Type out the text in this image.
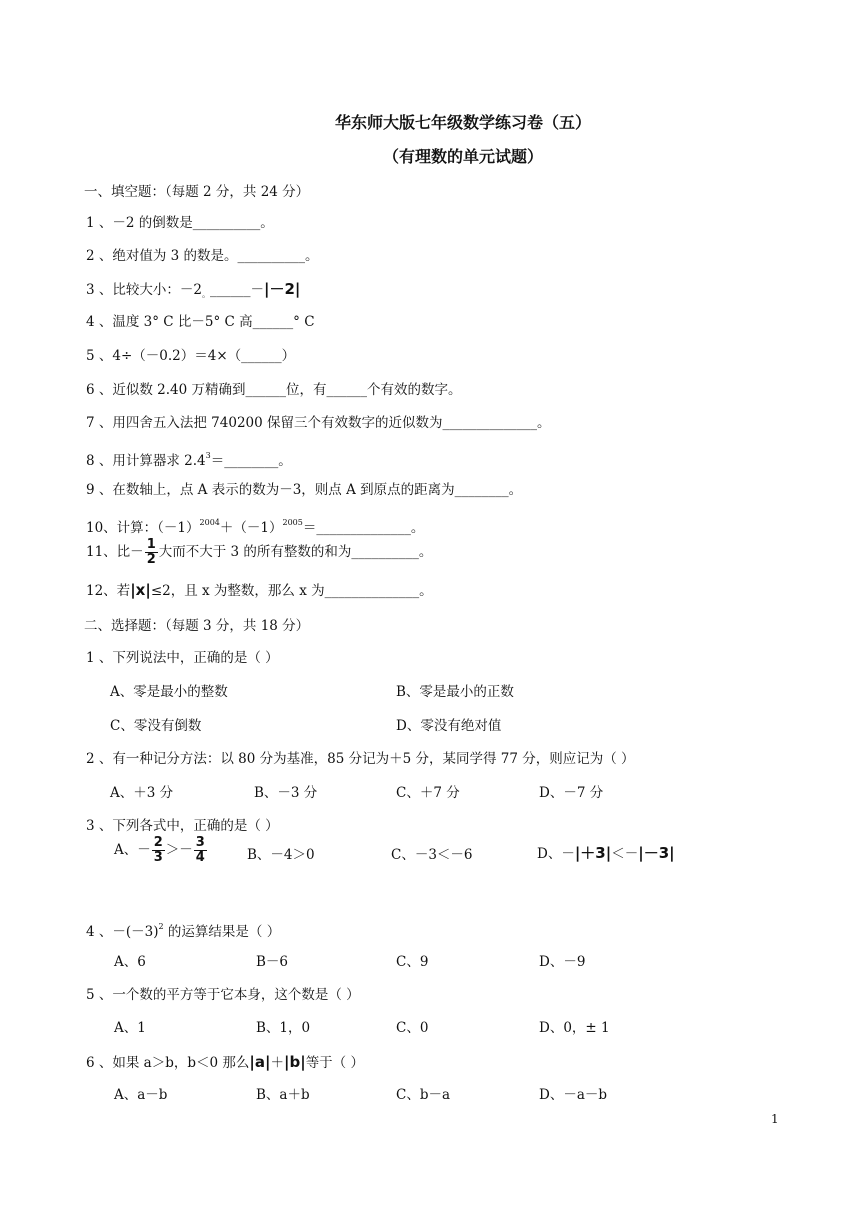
华东师大版七年级数学练习卷（五）
（有理数的单元试题）
一、填空题：（每题 2 分，共 24 分）
1 、－2 的倒数是__________。
2 、绝对值为 3 的数是。__________。
3 、比较大小：$-2_。\_\_\_\_\_\_-|-2|$
4 、温度 3° C 比－5° C 高______° C
5 、4÷（－0.2）＝4×（______）
6 、近似数 2.40 万精确到______位，有______个有效的数字。
7 、用四舍五入法把 740200 保留三个有效数字的近似数为______________。
8 、用计算器求 $2.4^3=\_\_\_\_\_\_\_\_$。
9 、在数轴上，点 A 表示的数为－3，则点 A 到原点的距离为________。
10、计算：$(-1)^{2004}+(-1)^{2005}=\_\_\_\_\_\_\_\_\_\_\_\_\_\_$。
11、比－ $\frac{1}{2}$ 大而不大于 3 的所有整数的和为__________。
12、若|x|≤2，且 x 为整数，那么 x 为______________。
二、选择题：（每题 3 分，共 18 分）
1 、下列说法中，正确的是（ ）
A、零是最小的整数	B、零是最小的正数
C、零没有倒数	D、零没有绝对值
2 、有一种记分方法：以 80 分为基准，85 分记为＋5 分，某同学得 77 分，则应记为（ ）
A、＋3 分	B、－3 分	C、＋7 分	D、－7 分
3 、下列各式中，正确的是（ ）
A、－ $\frac{2}{3} >- \frac{3}{4}$	B、－4＞0	C、－3＜－6	D、－|＋3|＜－|－3|
4 、$-(-3)^2$ 的运算结果是（ ）
A、6	B－6	C、9	D、－9
5 、一个数的平方等于它本身，这个数是（ ）
A、1	B、1，0	C、0	D、0，± 1
6 、如果 a＞b，b＜0 那么|a|＋|b|等于（ ）
A、a－b	B、a＋b	C、b－a	D、－a－b
1
